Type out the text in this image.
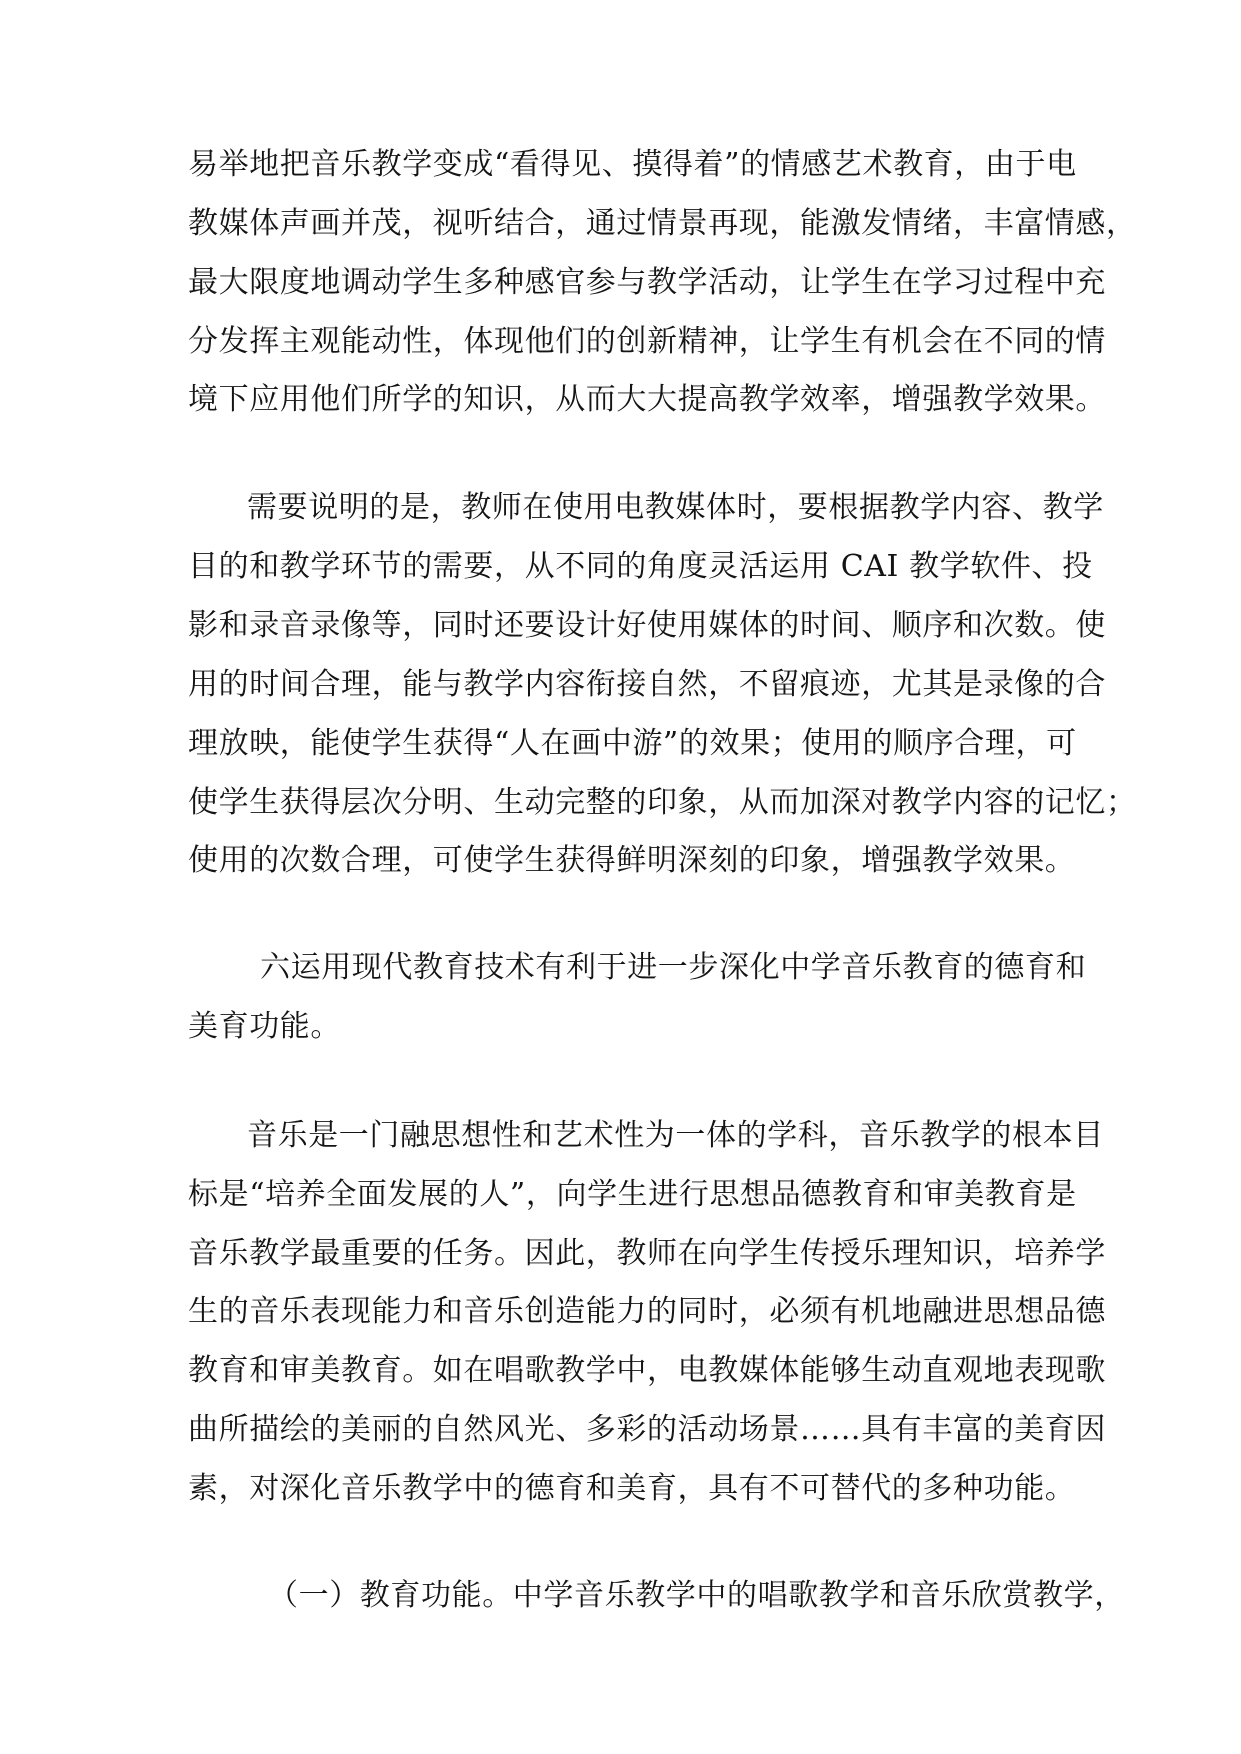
易举地把音乐教学变成“看得见、摸得着”的情感艺术教育，由于电
教媒体声画并茂，视听结合，通过情景再现，能激发情绪，丰富情感，
最大限度地调动学生多种感官参与教学活动，让学生在学习过程中充
分发挥主观能动性，体现他们的创新精神，让学生有机会在不同的情
境下应用他们所学的知识，从而大大提高教学效率，增强教学效果。
需要说明的是，教师在使用电教媒体时，要根据教学内容、教学
目的和教学环节的需要，从不同的角度灵活运用 CAI 教学软件、投
影和录音录像等，同时还要设计好使用媒体的时间、顺序和次数。使
用的时间合理，能与教学内容衔接自然，不留痕迹，尤其是录像的合
理放映，能使学生获得“人在画中游”的效果；使用的顺序合理，可
使学生获得层次分明、生动完整的印象，从而加深对教学内容的记忆；
使用的次数合理，可使学生获得鲜明深刻的印象，增强教学效果。
六运用现代教育技术有利于进一步深化中学音乐教育的德育和
美育功能。
音乐是一门融思想性和艺术性为一体的学科，音乐教学的根本目
标是“培养全面发展的人”，向学生进行思想品德教育和审美教育是
音乐教学最重要的任务。因此，教师在向学生传授乐理知识，培养学
生的音乐表现能力和音乐创造能力的同时，必须有机地融进思想品德
教育和审美教育。如在唱歌教学中，电教媒体能够生动直观地表现歌
曲所描绘的美丽的自然风光、多彩的活动场景……具有丰富的美育因
素，对深化音乐教学中的德育和美育，具有不可替代的多种功能。
（一）教育功能。中学音乐教学中的唱歌教学和音乐欣赏教学，
